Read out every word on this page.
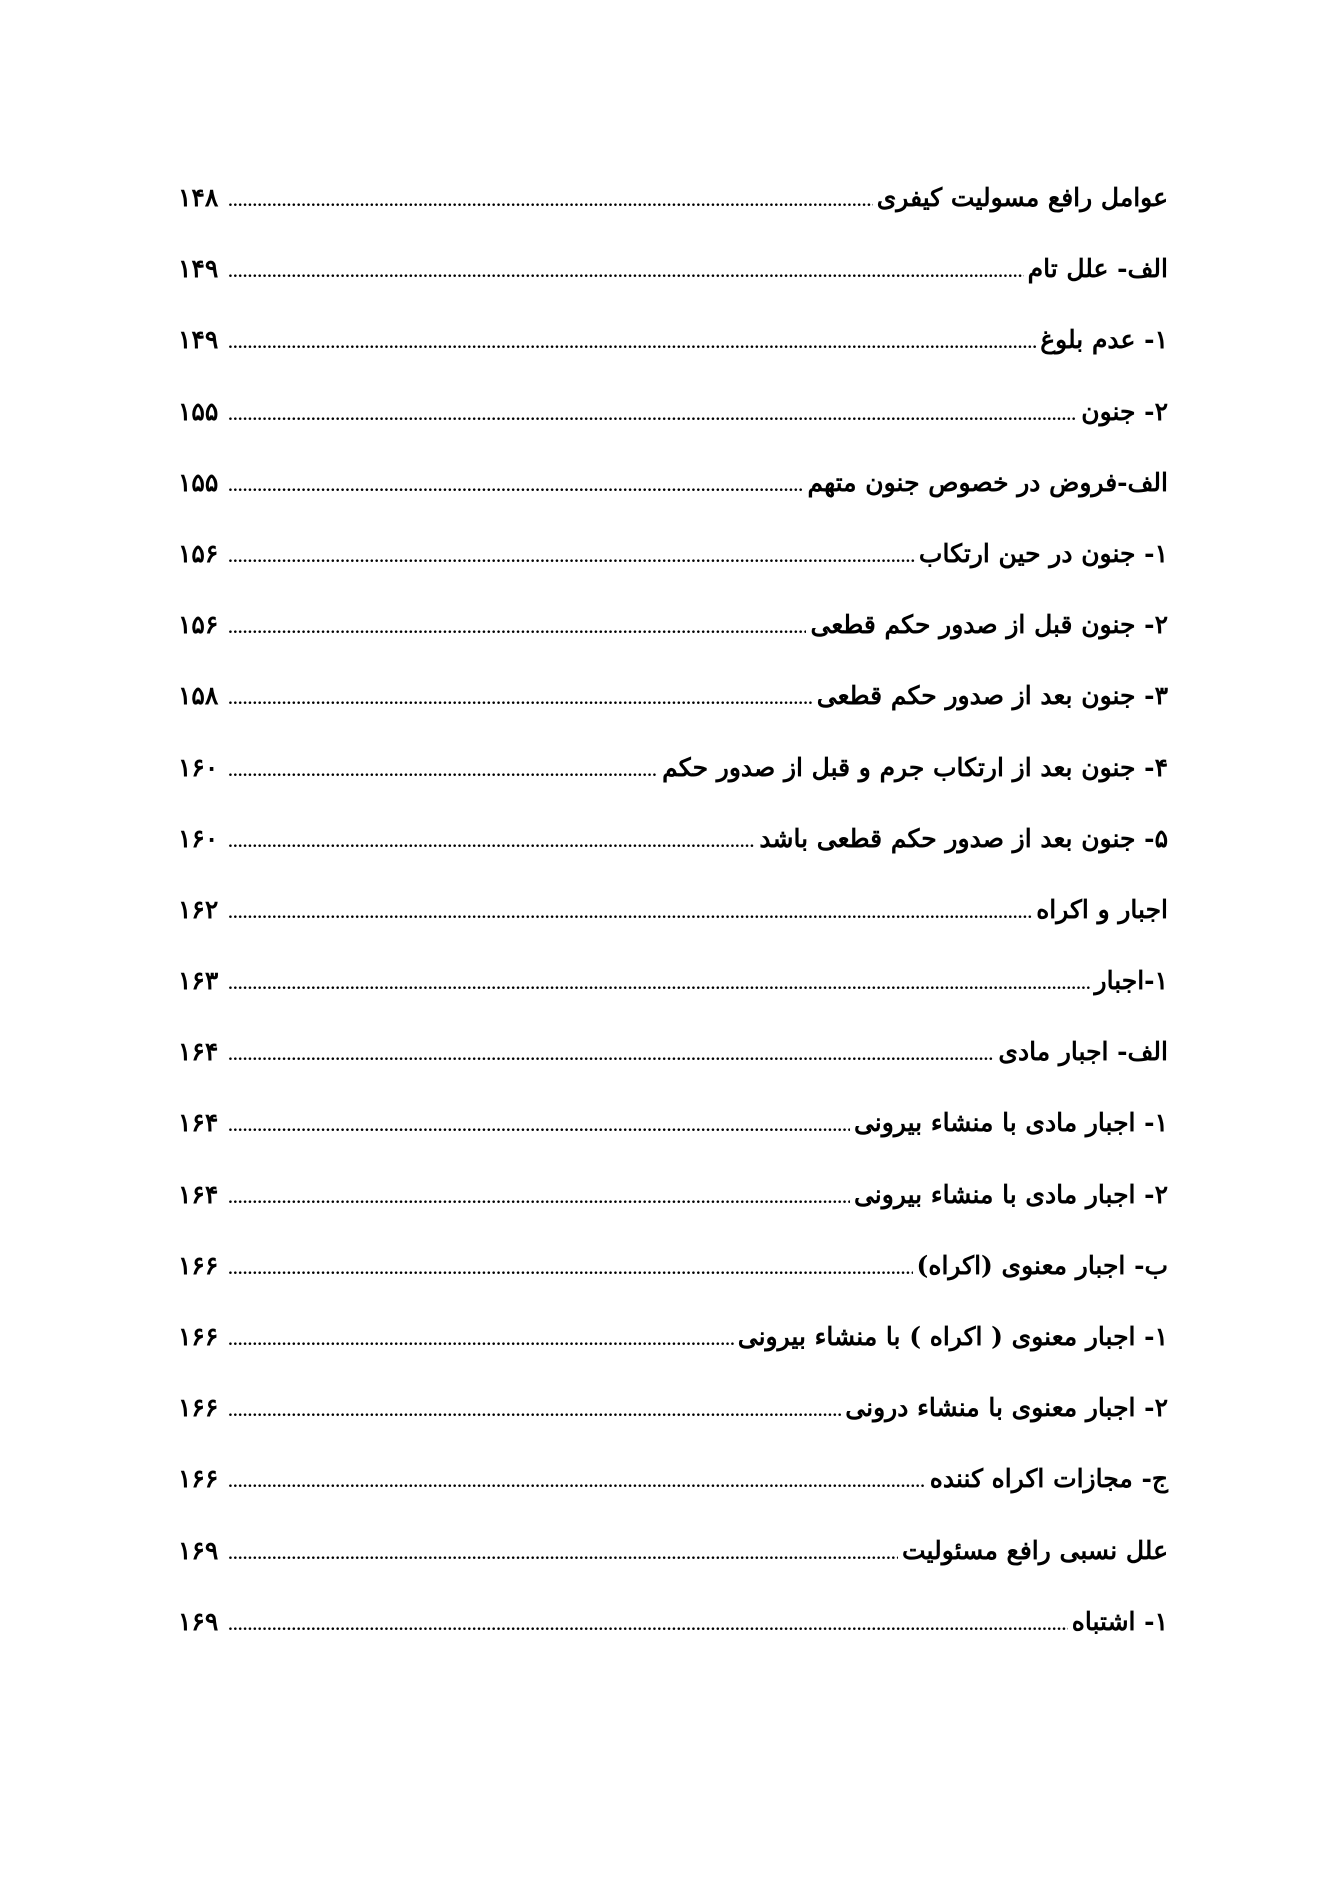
عوامل رافع مسولیت کیفری
.....
۱۴۸
الف- علل تام
.....
۱۴۹
۱- عدم بلوغ
.....
۱۴۹
۲- جنون
.....
۱۵۵
الف-فروض در خصوص جنون متهم
.....
۱۵۵
۱- جنون در حین ارتکاب
.....
۱۵۶
۲- جنون قبل از صدور حکم قطعی
.....
۱۵۶
۳- جنون بعد از صدور حکم قطعی
.....
۱۵۸
۴- جنون بعد از ارتکاب جرم و قبل از صدور حکم
.....
۱۶۰
۵- جنون بعد از صدور حکم قطعی باشد
.....
۱۶۰
اجبار و اکراه
.....
۱۶۲
۱-اجبار
.....
۱۶۳
الف- اجبار مادی
.....
۱۶۴
۱- اجبار مادی با منشاء بیرونی
.....
۱۶۴
۲- اجبار مادی با منشاء بیرونی
.....
۱۶۴
ب- اجبار معنوی (اکراه)
.....
۱۶۶
۱- اجبار معنوی ( اکراه ) با منشاء بیرونی
.....
۱۶۶
۲- اجبار معنوی با منشاء درونی
.....
۱۶۶
ج- مجازات اکراه کننده
.....
۱۶۶
علل نسبی رافع مسئولیت
.....
۱۶۹
۱- اشتباه
.....
۱۶۹
